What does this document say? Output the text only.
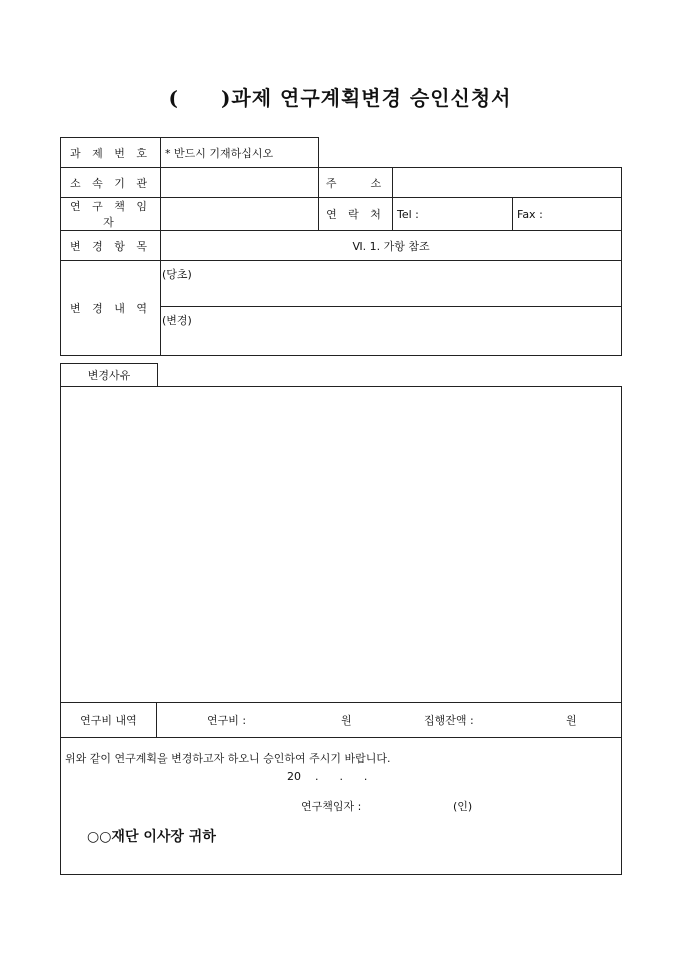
( )과제 연구계획변경 승인신청서
과 제 번 호	* 반드시 기재하십시오			
소 속 기 관		주    소		
연 구 책 임 자		연 락 처	Tel :	Fax :
변 경 항 목	Ⅵ. 1. 가항 참조			
변 경 내 역	(당초)			
	(변경)			
변경사유
연구비 내역	연구비 :	원	집행잔액 :	원
위와 같이 연구계획을 변경하고자 하오니 승인하여 주시기 바랍니다.
20    .      .      .
연구책임자 :	(인)
○○재단 이사장 귀하
